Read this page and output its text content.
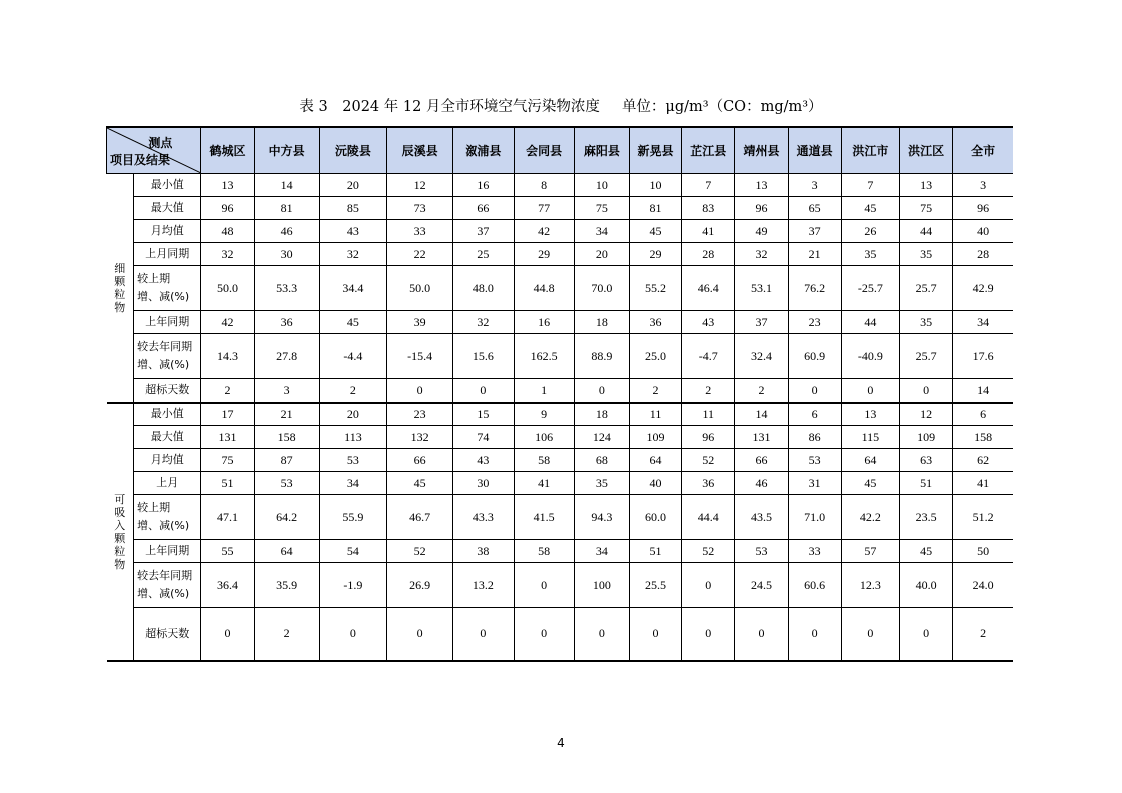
表 3　2024 年 12 月全市环境空气污染物浓度 单位：μg/m³（CO：mg/m³）
测点
项目及结果		鹤城区	中方县	沅陵县	辰溪县	溆浦县	会同县	麻阳县	新晃县	芷江县	靖州县	通道县	洪江市	洪江区	全市
细颗粒物	最小值	13	14	20	12	16	8	10	10	7	13	3	7	13	3
	最大值	96	81	85	73	66	77	75	81	83	96	65	45	75	96
	月均值	48	46	43	33	37	42	34	45	41	49	37	26	44	40
	上月同期	32	30	32	22	25	29	20	29	28	32	21	35	35	28
	较上期
增、减(%)	50.0	53.3	34.4	50.0	48.0	44.8	70.0	55.2	46.4	53.1	76.2	-25.7	25.7	42.9
	上年同期	42	36	45	39	32	16	18	36	43	37	23	44	35	34
	较去年同期
增、减(%)	14.3	27.8	-4.4	-15.4	15.6	162.5	88.9	25.0	-4.7	32.4	60.9	-40.9	25.7	17.6
	超标天数	2	3	2	0	0	1	0	2	2	2	0	0	0	14
可吸入颗粒物	最小值	17	21	20	23	15	9	18	11	11	14	6	13	12	6
	最大值	131	158	113	132	74	106	124	109	96	131	86	115	109	158
	月均值	75	87	53	66	43	58	68	64	52	66	53	64	63	62
	上月	51	53	34	45	30	41	35	40	36	46	31	45	51	41
	较上期
增、减(%)	47.1	64.2	55.9	46.7	43.3	41.5	94.3	60.0	44.4	43.5	71.0	42.2	23.5	51.2
	上年同期	55	64	54	52	38	58	34	51	52	53	33	57	45	50
	较去年同期
增、减(%)	36.4	35.9	-1.9	26.9	13.2	0	100	25.5	0	24.5	60.6	12.3	40.0	24.0
	超标天数	0	2	0	0	0	0	0	0	0	0	0	0	0	2
4
